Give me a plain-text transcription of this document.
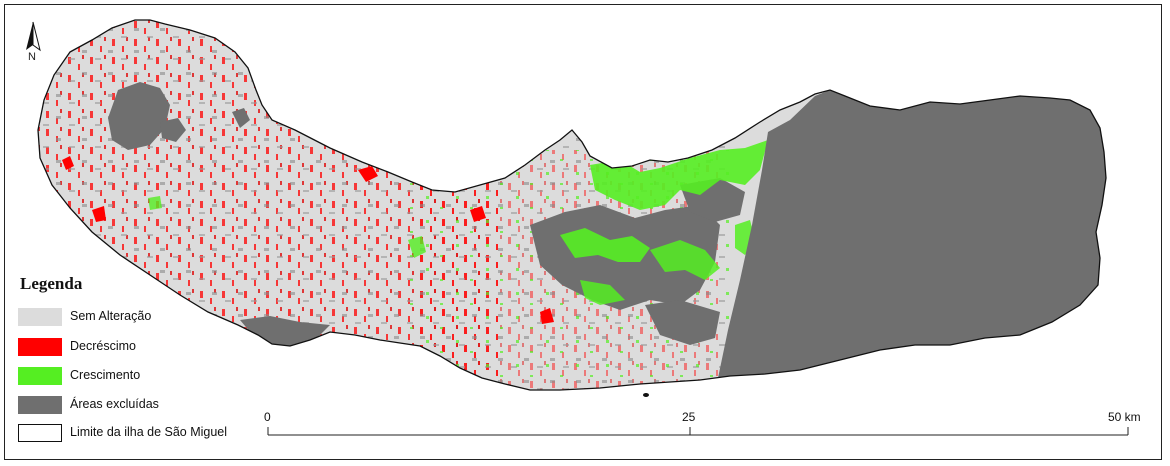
N
Legenda
Sem Alteração
Decréscimo
Crescimento
Áreas excluídas
Limite da ilha de São Miguel
0	25	50 km
